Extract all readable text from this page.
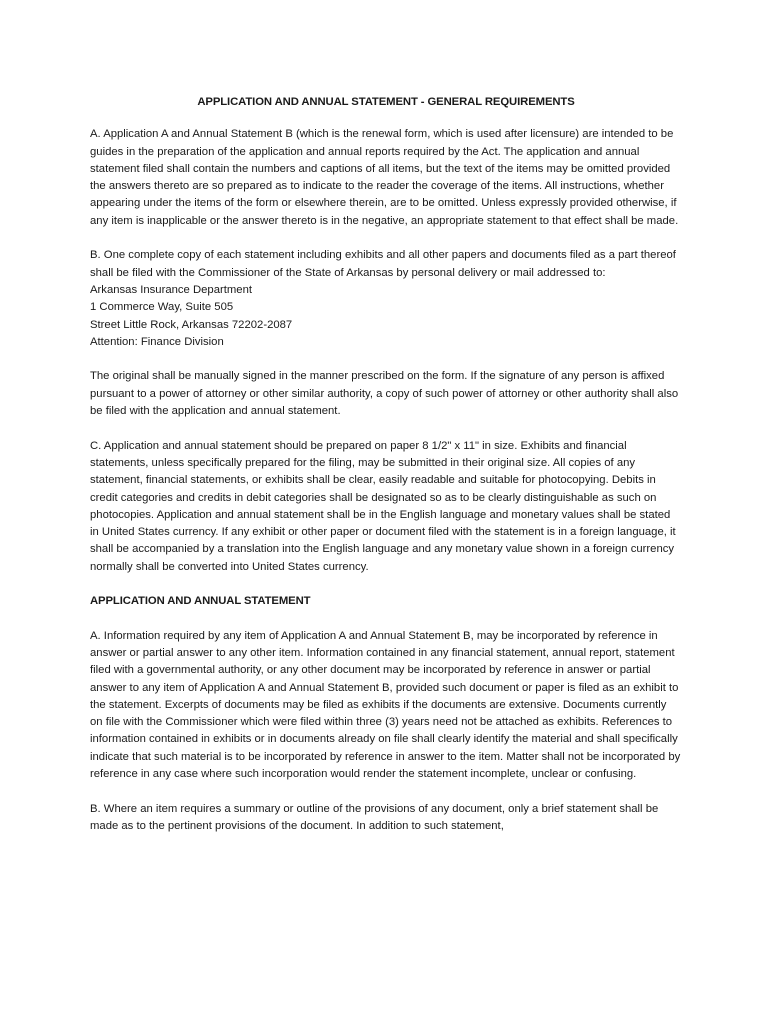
APPLICATION AND ANNUAL STATEMENT - GENERAL REQUIREMENTS

A. Application A and Annual Statement B (which is the renewal form, which is used after licensure) are intended to be guides in the preparation of the application and annual reports required by the Act. The application and annual statement filed shall contain the numbers and captions of all items, but the text of the items may be omitted provided the answers thereto are so prepared as to indicate to the reader the coverage of the items. All instructions, whether appearing under the items of the form or elsewhere therein, are to be omitted. Unless expressly provided otherwise, if any item is inapplicable or the answer thereto is in the negative, an appropriate statement to that effect shall be made.

B. One complete copy of each statement including exhibits and all other papers and documents filed as a part thereof shall be filed with the Commissioner of the State of Arkansas by personal delivery or mail addressed to:
Arkansas Insurance Department
1 Commerce Way, Suite 505
Street Little Rock, Arkansas 72202-2087
Attention: Finance Division

The original shall be manually signed in the manner prescribed on the form. If the signature of any person is affixed pursuant to a power of attorney or other similar authority, a copy of such power of attorney or other authority shall also be filed with the application and annual statement.

C. Application and annual statement should be prepared on paper 8 1/2" x 11" in size. Exhibits and financial statements, unless specifically prepared for the filing, may be submitted in their original size. All copies of any statement, financial statements, or exhibits shall be clear, easily readable and suitable for photocopying. Debits in credit categories and credits in debit categories shall be designated so as to be clearly distinguishable as such on photocopies. Application and annual statement shall be in the English language and monetary values shall be stated in United States currency. If any exhibit or other paper or document filed with the statement is in a foreign language, it shall be accompanied by a translation into the English language and any monetary value shown in a foreign currency normally shall be converted into United States currency.

APPLICATION AND ANNUAL STATEMENT

A. Information required by any item of Application A and Annual Statement B, may be incorporated by reference in answer or partial answer to any other item. Information contained in any financial statement, annual report, statement filed with a governmental authority, or any other document may be incorporated by reference in answer or partial answer to any item of Application A and Annual Statement B, provided such document or paper is filed as an exhibit to the statement. Excerpts of documents may be filed as exhibits if the documents are extensive. Documents currently on file with the Commissioner which were filed within three (3) years need not be attached as exhibits. References to information contained in exhibits or in documents already on file shall clearly identify the material and shall specifically indicate that such material is to be incorporated by reference in answer to the item. Matter shall not be incorporated by reference in any case where such incorporation would render the statement incomplete, unclear or confusing.

B. Where an item requires a summary or outline of the provisions of any document, only a brief statement shall be made as to the pertinent provisions of the document. In addition to such statement,
